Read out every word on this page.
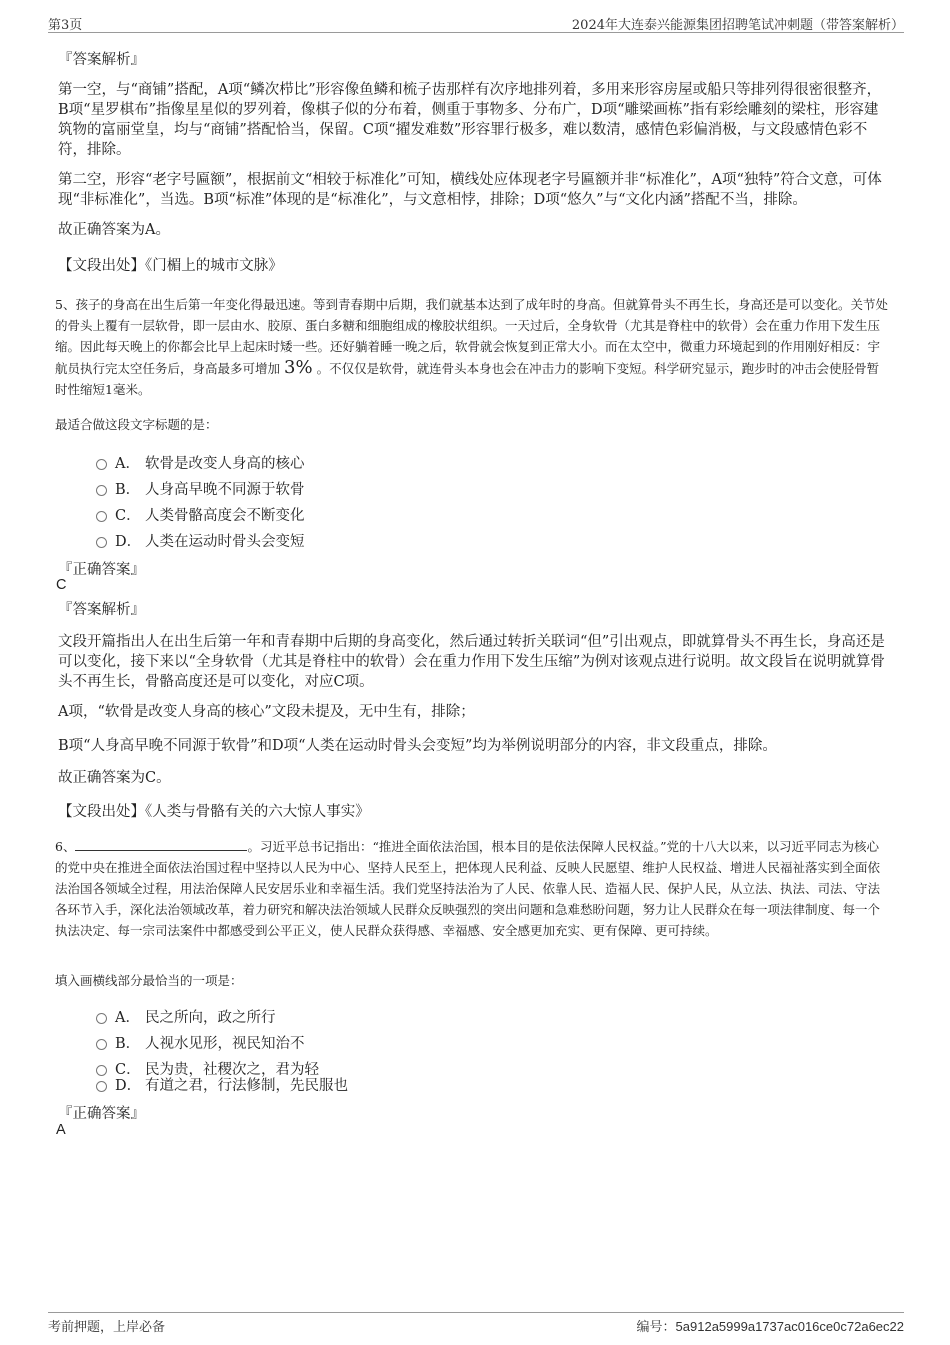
第3页	2024年大连泰兴能源集团招聘笔试冲刺题（带答案解析）
『答案解析』
第一空，与“商铺”搭配，A项“鳞次栉比”形容像鱼鳞和梳子齿那样有次序地排列着，多用来形容房屋或船只等排列得很密很整齐，B项“星罗棋布”指像星星似的罗列着，像棋子似的分布着，侧重于事物多、分布广，D项“雕梁画栋”指有彩绘雕刻的梁柱，形容建筑物的富丽堂皇，均与“商铺”搭配恰当，保留。C项“擢发难数”形容罪行极多，难以数清，感情色彩偏消极，与文段感情色彩不符，排除。
第二空，形容“老字号匾额”，根据前文“相较于标准化”可知，横线处应体现老字号匾额并非“标准化”，A项“独特”符合文意，可体现“非标准化”，当选。B项“标准”体现的是“标准化”，与文意相悖，排除；D项“悠久”与“文化内涵”搭配不当，排除。
故正确答案为A。
【文段出处】《门楣上的城市文脉》
5、孩子的身高在出生后第一年变化得最迅速。等到青春期中后期，我们就基本达到了成年时的身高。但就算骨头不再生长，身高还是可以变化。关节处的骨头上覆有一层软骨，即一层由水、胶原、蛋白多糖和细胞组成的橡胶状组织。一天过后，全身软骨（尤其是脊柱中的软骨）会在重力作用下发生压缩。因此每天晚上的你都会比早上起床时矮一些。还好躺着睡一晚之后，软骨就会恢复到正常大小。而在太空中，微重力环境起到的作用刚好相反：宇航员执行完太空任务后，身高最多可增加 3% 。不仅仅是软骨，就连骨头本身也会在冲击力的影响下变短。科学研究显示，跑步时的冲击会使胫骨暂时性缩短1毫米。
最适合做这段文字标题的是：
A． 软骨是改变人身高的核心
B． 人身高早晚不同源于软骨
C． 人类骨骼高度会不断变化
D． 人类在运动时骨头会变短
『正确答案』
C
『答案解析』
文段开篇指出人在出生后第一年和青春期中后期的身高变化，然后通过转折关联词“但”引出观点，即就算骨头不再生长，身高还是可以变化，接下来以“全身软骨（尤其是脊柱中的软骨）会在重力作用下发生压缩”为例对该观点进行说明。故文段旨在说明就算骨头不再生长，骨骼高度还是可以变化，对应C项。
A项，“软骨是改变人身高的核心”文段未提及，无中生有，排除；
B项“人身高早晚不同源于软骨”和D项“人类在运动时骨头会变短”均为举例说明部分的内容，非文段重点，排除。
故正确答案为C。
【文段出处】《人类与骨骼有关的六大惊人事实》
6、	。习近平总书记指出：“推进全面依法治国，根本目的是依法保障人民权益。”党的十八大以来，以习近平同志为核心的党中央在推进全面依法治国过程中坚持以人民为中心、坚持人民至上，把体现人民利益、反映人民愿望、维护人民权益、增进人民福祉落实到全面依法治国各领域全过程，用法治保障人民安居乐业和幸福生活。我们党坚持法治为了人民、依靠人民、造福人民、保护人民，从立法、执法、司法、守法各环节入手，深化法治领域改革，着力研究和解决法治领域人民群众反映强烈的突出问题和急难愁盼问题，努力让人民群众在每一项法律制度、每一个执法决定、每一宗司法案件中都感受到公平正义，使人民群众获得感、幸福感、安全感更加充实、更有保障、更可持续。
填入画横线部分最恰当的一项是：
A． 民之所向，政之所行
B． 人视水见形，视民知治不
C． 民为贵，社稷次之，君为轻
D． 有道之君，行法修制，先民服也
『正确答案』
A
考前押题，上岸必备	编号：5a912a5999a1737ac016ce0c72a6ec22
